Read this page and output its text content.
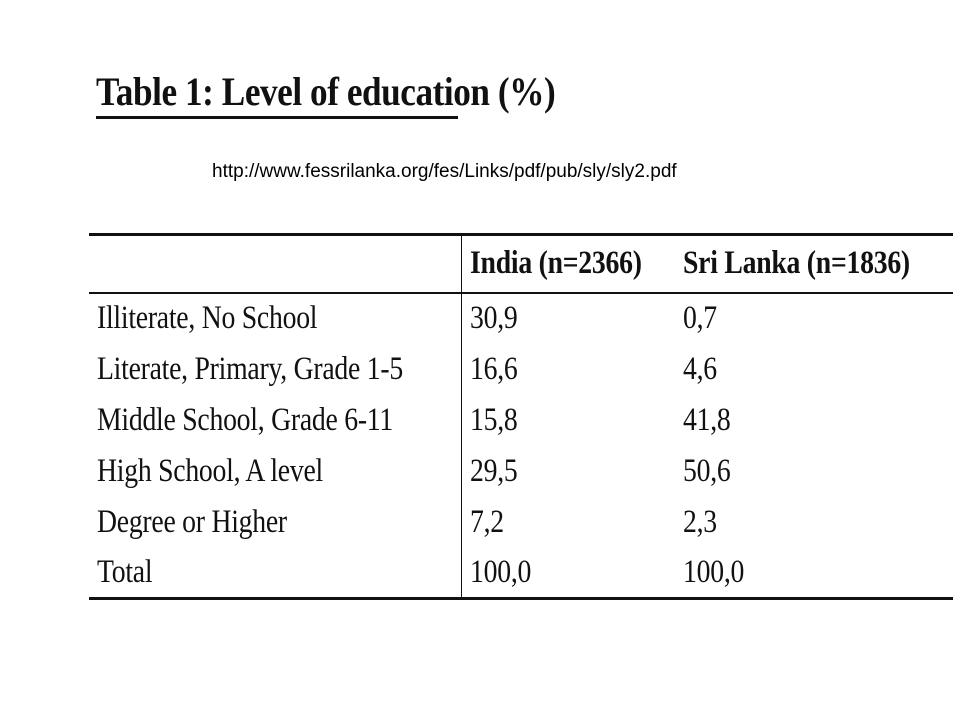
Table 1: Level of education (%)
http://www.fessrilanka.org/fes/Links/pdf/pub/sly/sly2.pdf
	India (n=2366)	Sri Lanka (n=1836)
Illiterate, No School	30,9	0,7
Literate, Primary, Grade 1-5	16,6	4,6
Middle School, Grade 6-11	15,8	41,8
High School, A level	29,5	50,6
Degree or Higher	7,2	2,3
Total	100,0	100,0
